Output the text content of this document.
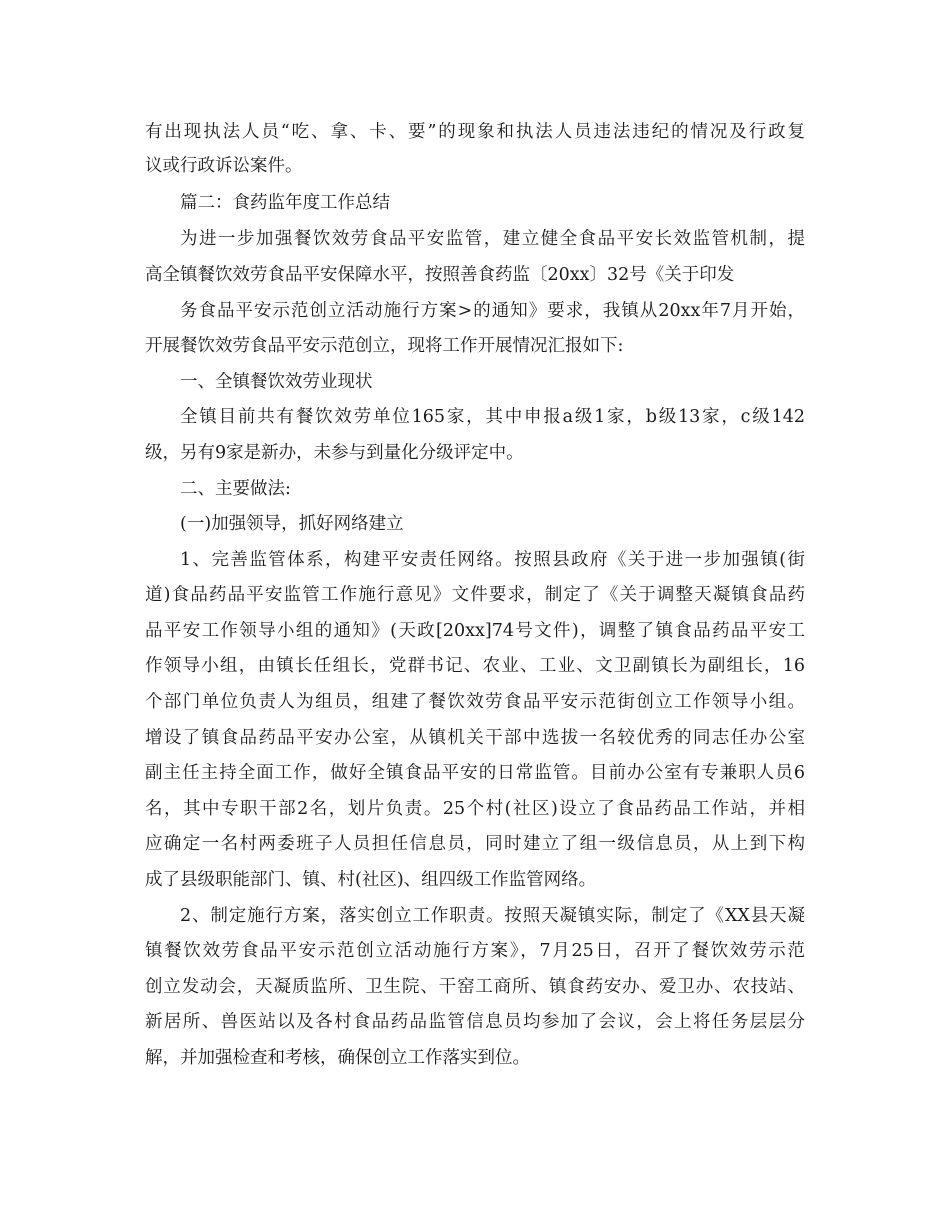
有出现执法人员“吃、拿、卡、要”的现象和执法人员违法违纪的情况及行政复

议或行政诉讼案件。

篇二：食药监年度工作总结

为进一步加强餐饮效劳食品平安监管，建立健全食品平安长效监管机制，提

高全镇餐饮效劳食品平安保障水平，按照善食药监〔20xx〕32号《关于印发

务食品平安示范创立活动施行方案>的通知》要求，我镇从20xx年7月开始，

开展餐饮效劳食品平安示范创立，现将工作开展情况汇报如下:

一、全镇餐饮效劳业现状

全镇目前共有餐饮效劳单位165家，其中申报a级1家，b级13家，c级142

级，另有9家是新办，未参与到量化分级评定中。

二、主要做法:

(一)加强领导，抓好网络建立

1、完善监管体系，构建平安责任网络。按照县政府《关于进一步加强镇(街

道)食品药品平安监管工作施行意见》文件要求，制定了《关于调整天凝镇食品药

品平安工作领导小组的通知》(天政[20xx]74号文件)，调整了镇食品药品平安工

作领导小组，由镇长任组长，党群书记、农业、工业、文卫副镇长为副组长，16

个部门单位负责人为组员，组建了餐饮效劳食品平安示范街创立工作领导小组。

增设了镇食品药品平安办公室，从镇机关干部中选拔一名较优秀的同志任办公室

副主任主持全面工作，做好全镇食品平安的日常监管。目前办公室有专兼职人员6

名，其中专职干部2名，划片负责。25个村(社区)设立了食品药品工作站，并相

应确定一名村两委班子人员担任信息员，同时建立了组一级信息员，从上到下构

成了县级职能部门、镇、村(社区)、组四级工作监管网络。

2、制定施行方案，落实创立工作职责。按照天凝镇实际，制定了《XX县天凝

镇餐饮效劳食品平安示范创立活动施行方案》，7月25日，召开了餐饮效劳示范

创立发动会，天凝质监所、卫生院、干窑工商所、镇食药安办、爱卫办、农技站、

新居所、兽医站以及各村食品药品监管信息员均参加了会议，会上将任务层层分

解，并加强检查和考核，确保创立工作落实到位。
